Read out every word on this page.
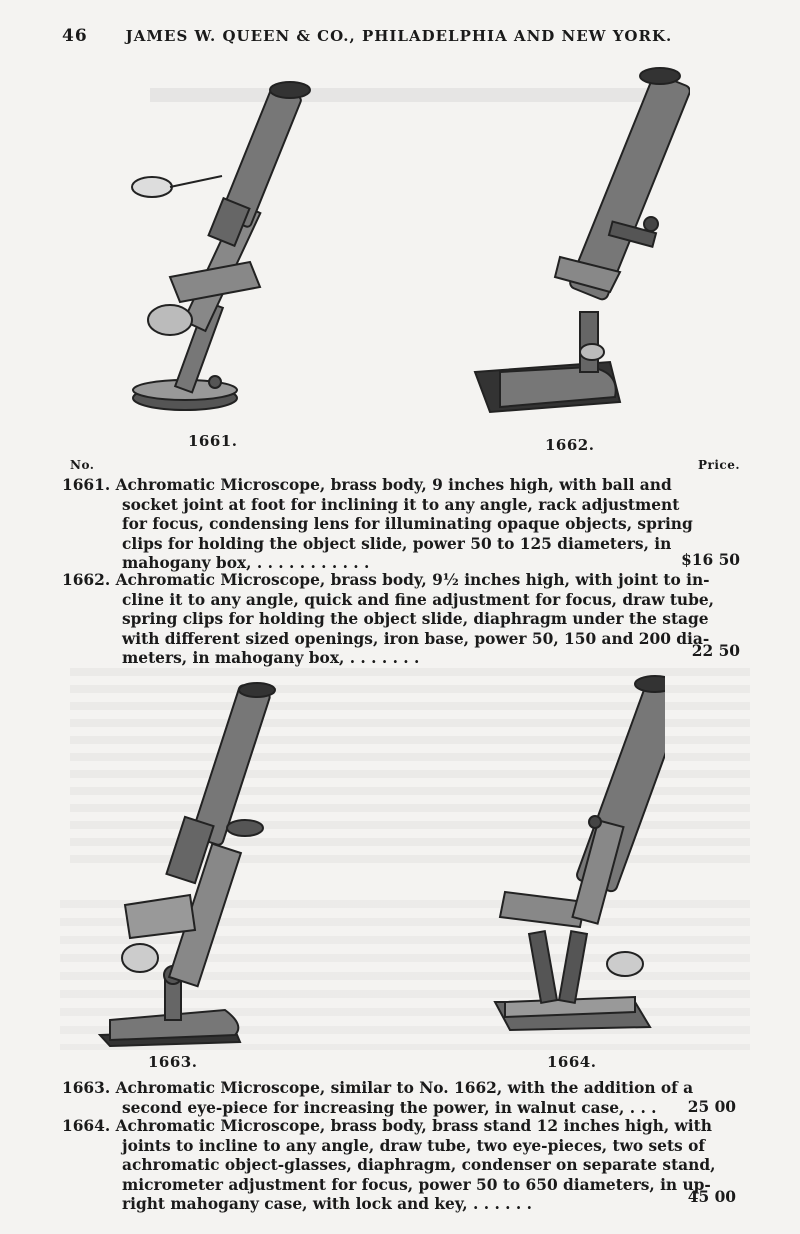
46	JAMES W. QUEEN & CO., PHILADELPHIA AND NEW YORK.
1661.	1662.
No.	Price.
1661. Achromatic Microscope, brass body, 9 inches high, with ball and
socket joint at foot for inclining it to any angle, rack adjustment
for focus, condensing lens for illuminating opaque objects, spring
clips for holding the object slide, power 50 to 125 diameters, in
mahogany box, . . . . . . . . . . .	$16 50
1662. Achromatic Microscope, brass body, 9½ inches high, with joint to in-
cline it to any angle, quick and fine adjustment for focus, draw tube,
spring clips for holding the object slide, diaphragm under the stage
with different sized openings, iron base, power 50, 150 and 200 dia-
meters, in mahogany box, . . . . . . .	22 50
1663.	1664.
1663. Achromatic Microscope, similar to No. 1662, with the addition of a
second eye-piece for increasing the power, in walnut case, . . .	25 00
1664. Achromatic Microscope, brass body, brass stand 12 inches high, with
joints to incline to any angle, draw tube, two eye-pieces, two sets of
achromatic object-glasses, diaphragm, condenser on separate stand,
micrometer adjustment for focus, power 50 to 650 diameters, in up-
right mahogany case, with lock and key, . . . . . .	45 00
